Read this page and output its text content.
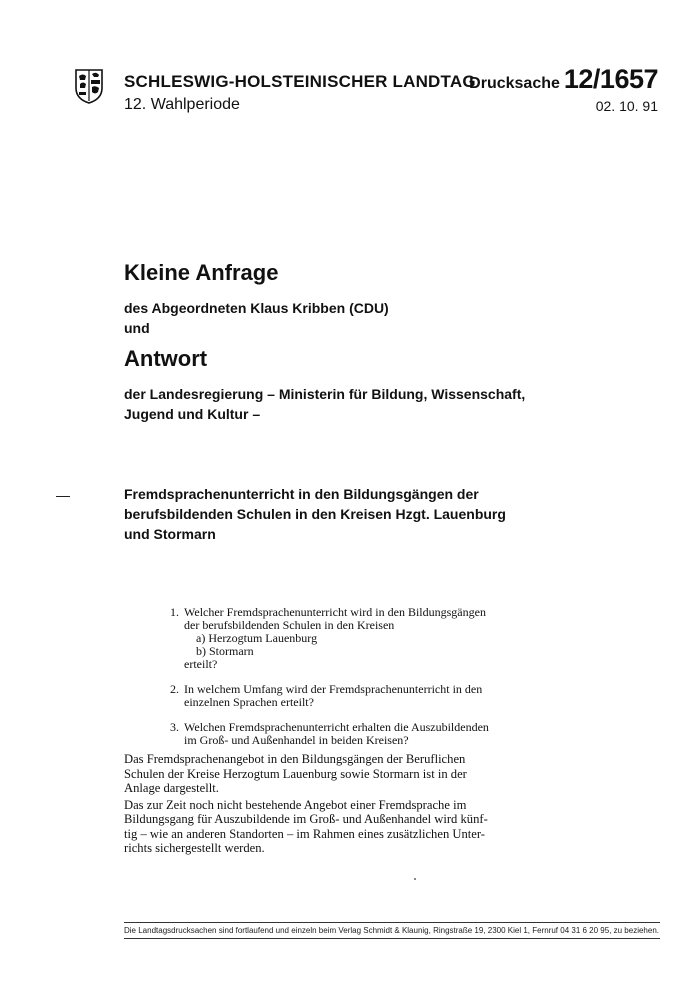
SCHLESWIG-HOLSTEINISCHER LANDTAG
12. Wahlperiode
Drucksache 12/1657
02. 10. 91
Kleine Anfrage
des Abgeordneten Klaus Kribben (CDU)
und
Antwort
der Landesregierung – Ministerin für Bildung, Wissenschaft,
Jugend und Kultur –
Fremdsprachenunterricht in den Bildungsgängen der
berufsbildenden Schulen in den Kreisen Hzgt. Lauenburg
und Stormarn
1. Welcher Fremdsprachenunterricht wird in den Bildungsgängen
der berufsbildenden Schulen in den Kreisen
a) Herzogtum Lauenburg
b) Stormarn
erteilt?
2. In welchem Umfang wird der Fremdsprachenunterricht in den
einzelnen Sprachen erteilt?
3. Welchen Fremdsprachenunterricht erhalten die Auszubildenden
im Groß- und Außenhandel in beiden Kreisen?
Das Fremdsprachenangebot in den Bildungsgängen der Beruflichen
Schulen der Kreise Herzogtum Lauenburg sowie Stormarn ist in der
Anlage dargestellt.
Das zur Zeit noch nicht bestehende Angebot einer Fremdsprache im
Bildungsgang für Auszubildende im Groß- und Außenhandel wird künf-
tig – wie an anderen Standorten – im Rahmen eines zusätzlichen Unter-
richts sichergestellt werden.
Die Landtagsdrucksachen sind fortlaufend und einzeln beim Verlag Schmidt & Klaunig, Ringstraße 19, 2300 Kiel 1, Fernruf 04 31 6 20 95, zu beziehen.
